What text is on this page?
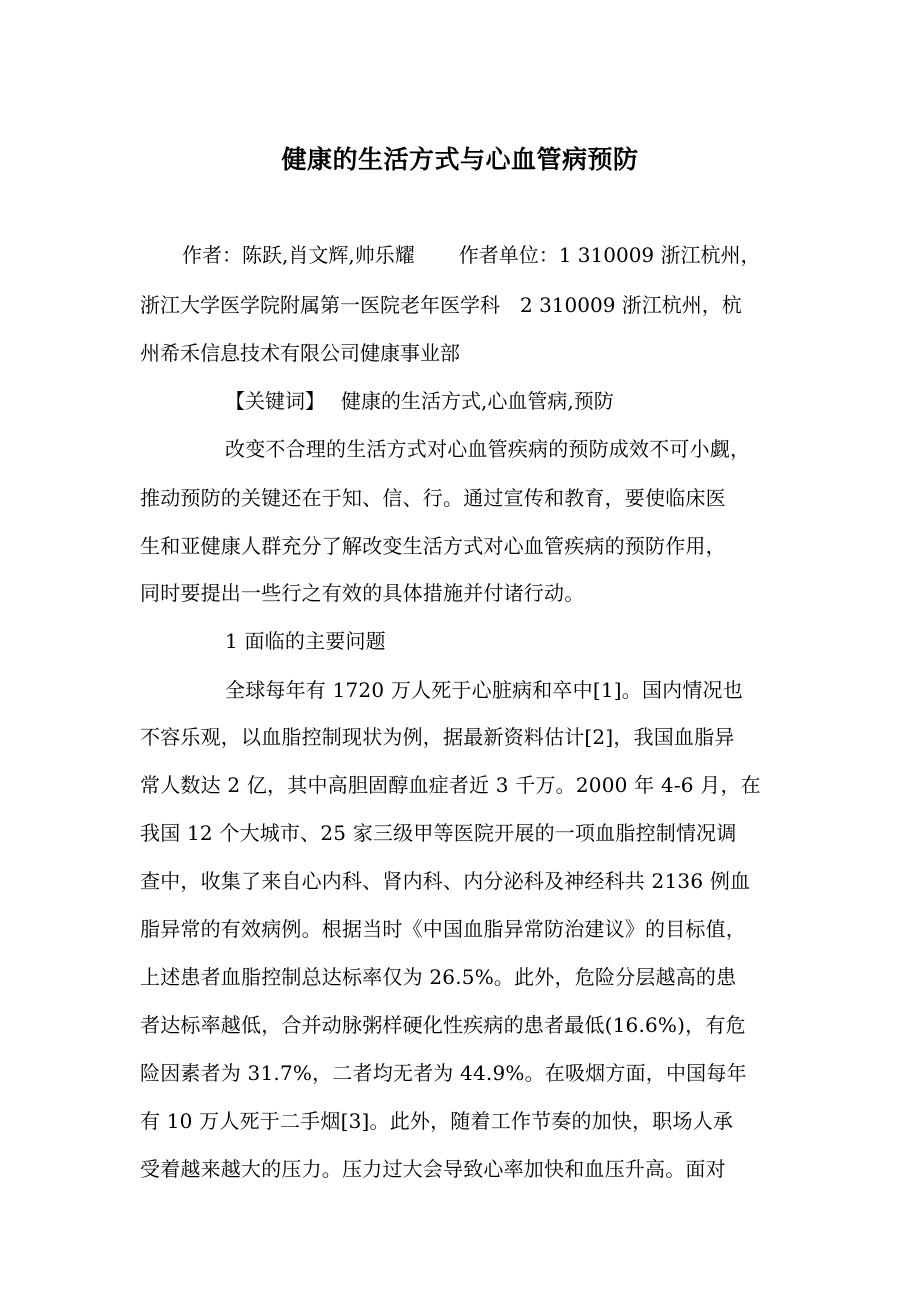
健康的生活方式与心血管病预防
作者：陈跃,肖文辉,帅乐耀 作者单位：1 310009 浙江杭州，
浙江大学医学院附属第一医院老年医学科 2 310009 浙江杭州，杭
州希禾信息技术有限公司健康事业部
【关键词】 健康的生活方式,心血管病,预防
改变不合理的生活方式对心血管疾病的预防成效不可小觑，
推动预防的关键还在于知、信、行。通过宣传和教育，要使临床医
生和亚健康人群充分了解改变生活方式对心血管疾病的预防作用，
同时要提出一些行之有效的具体措施并付诸行动。
1 面临的主要问题
全球每年有 1720 万人死于心脏病和卒中[1]。国内情况也
不容乐观，以血脂控制现状为例，据最新资料估计[2]，我国血脂异
常人数达 2 亿，其中高胆固醇血症者近 3 千万。2000 年 4-6 月，在
我国 12 个大城市、25 家三级甲等医院开展的一项血脂控制情况调
查中，收集了来自心内科、肾内科、内分泌科及神经科共 2136 例血
脂异常的有效病例。根据当时《中国血脂异常防治建议》的目标值，
上述患者血脂控制总达标率仅为 26.5%。此外，危险分层越高的患
者达标率越低，合并动脉粥样硬化性疾病的患者最低(16.6%)，有危
险因素者为 31.7%，二者均无者为 44.9%。在吸烟方面，中国每年
有 10 万人死于二手烟[3]。此外，随着工作节奏的加快，职场人承
受着越来越大的压力。压力过大会导致心率加快和血压升高。面对
